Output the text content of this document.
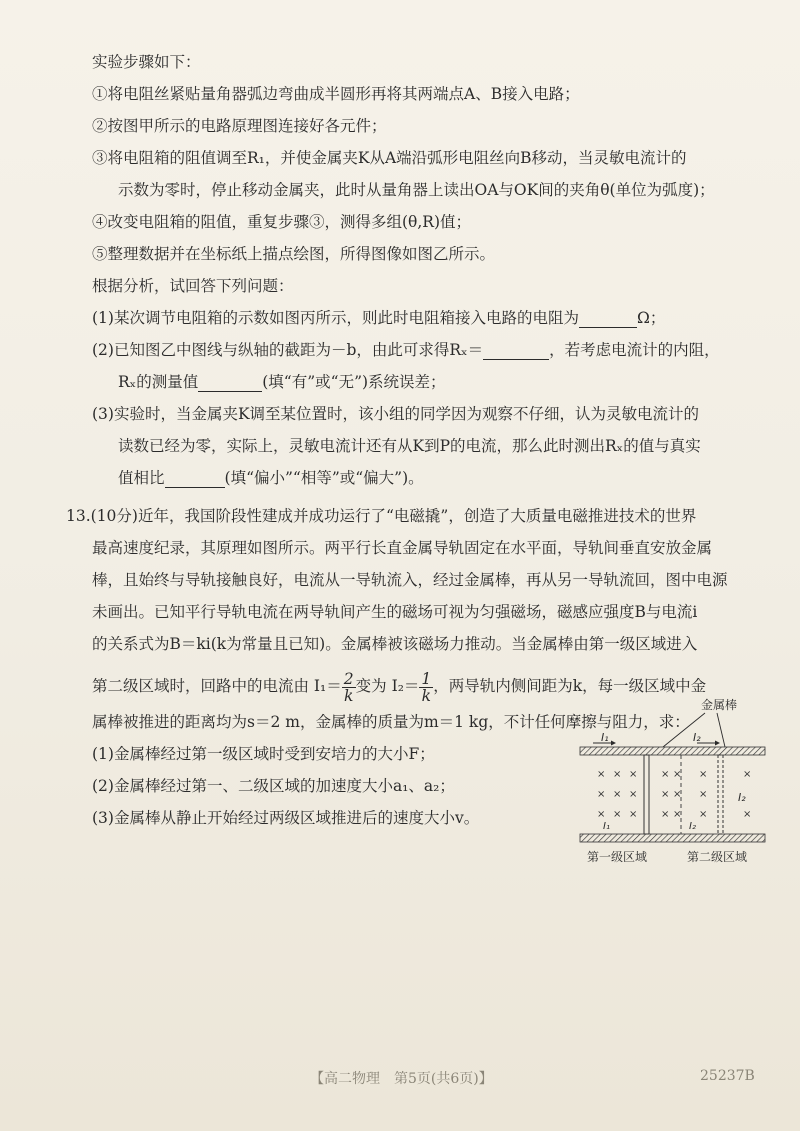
实验步骤如下：
①将电阻丝紧贴量角器弧边弯曲成半圆形再将其两端点A、B接入电路；
②按图甲所示的电路原理图连接好各元件；
③将电阻箱的阻值调至R₁，并使金属夹K从A端沿弧形电阻丝向B移动，当灵敏电流计的
示数为零时，停止移动金属夹，此时从量角器上读出OA与OK间的夹角θ(单位为弧度)；
④改变电阻箱的阻值，重复步骤③，测得多组(θ,R)值；
⑤整理数据并在坐标纸上描点绘图，所得图像如图乙所示。
根据分析，试回答下列问题：
(1)某次调节电阻箱的示数如图丙所示，则此时电阻箱接入电路的电阻为	Ω；
(2)已知图乙中图线与纵轴的截距为－b，由此可求得Rₓ＝	，若考虑电流计的内阻，
Rₓ的测量值	(填“有”或“无”)系统误差；
(3)实验时，当金属夹K调至某位置时，该小组的同学因为观察不仔细，认为灵敏电流计的
读数已经为零，实际上，灵敏电流计还有从K到P的电流，那么此时测出Rₓ的值与真实
值相比	(填“偏小”“相等”或“偏大”)。
13.(10分)近年，我国阶段性建成并成功运行了“电磁撬”，创造了大质量电磁推进技术的世界
最高速度纪录，其原理如图所示。两平行长直金属导轨固定在水平面，导轨间垂直安放金属
棒，且始终与导轨接触良好，电流从一导轨流入，经过金属棒，再从另一导轨流回，图中电源
未画出。已知平行导轨电流在两导轨间产生的磁场可视为匀强磁场，磁感应强度B与电流i
的关系式为B＝ki(k为常量且已知)。金属棒被该磁场力推动。当金属棒由第一级区域进入
第二级区域时，回路中的电流由 $I_1= \frac{2}{k}$ 变为 $I_2= \frac{1}{k}$ ，两导轨内侧间距为k，每一级区域中金
属棒被推进的距离均为s＝2 m，金属棒的质量为m＝1 kg，不计任何摩擦与阻力，求：
(1)金属棒经过第一级区域时受到安培力的大小F；
(2)金属棒经过第一、二级区域的加速度大小a₁、a₂；
(3)金属棒从静止开始经过两级区域推进后的速度大小v。
金属棒
I₁	I₂
×
×
×
×
×
×
×
×
×
×
×
×
×
×
×
×
×
×
×
×
I₂
I₁	I₂
第一级区域	第二级区域
【高二物理　第5页(共6页)】	25237B
